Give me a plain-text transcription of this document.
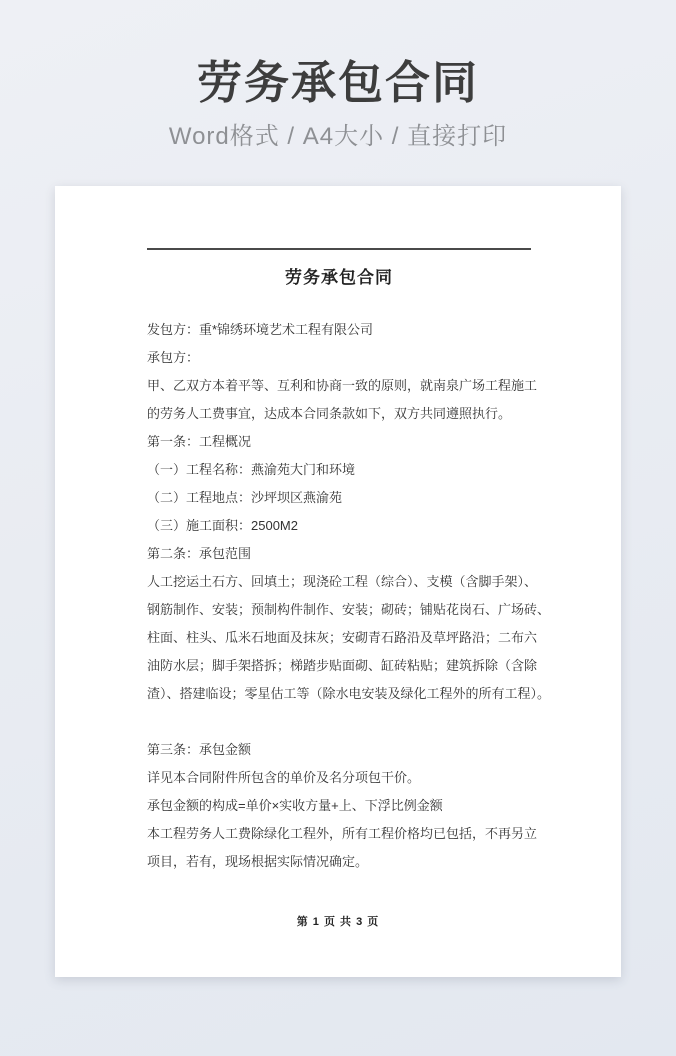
劳务承包合同
Word格式 / A4大小 / 直接打印
劳务承包合同
发包方：重*锦绣环境艺术工程有限公司
承包方：
甲、乙双方本着平等、互利和协商一致的原则，就南泉广场工程施工
的劳务人工费事宜，达成本合同条款如下，双方共同遵照执行。
第一条：工程概况
（一）工程名称：燕渝苑大门和环境
（二）工程地点：沙坪坝区燕渝苑
（三）施工面积：2500M2
第二条：承包范围
人工挖运土石方、回填土；现浇砼工程（综合）、支模（含脚手架）、
钢筋制作、安装；预制构件制作、安装；砌砖；铺贴花岗石、广场砖、
柱面、柱头、瓜米石地面及抹灰；安砌青石路沿及草坪路沿；二布六
油防水层；脚手架搭拆；梯踏步贴面砌、缸砖粘贴；建筑拆除（含除
渣）、搭建临设；零星估工等（除水电安装及绿化工程外的所有工程）。

第三条：承包金额
详见本合同附件所包含的单价及名分项包干价。
承包金额的构成=单价×实收方量+上、下浮比例金额
本工程劳务人工费除绿化工程外，所有工程价格均已包括，不再另立
项目，若有，现场根据实际情况确定。
第 1 页 共 3 页
